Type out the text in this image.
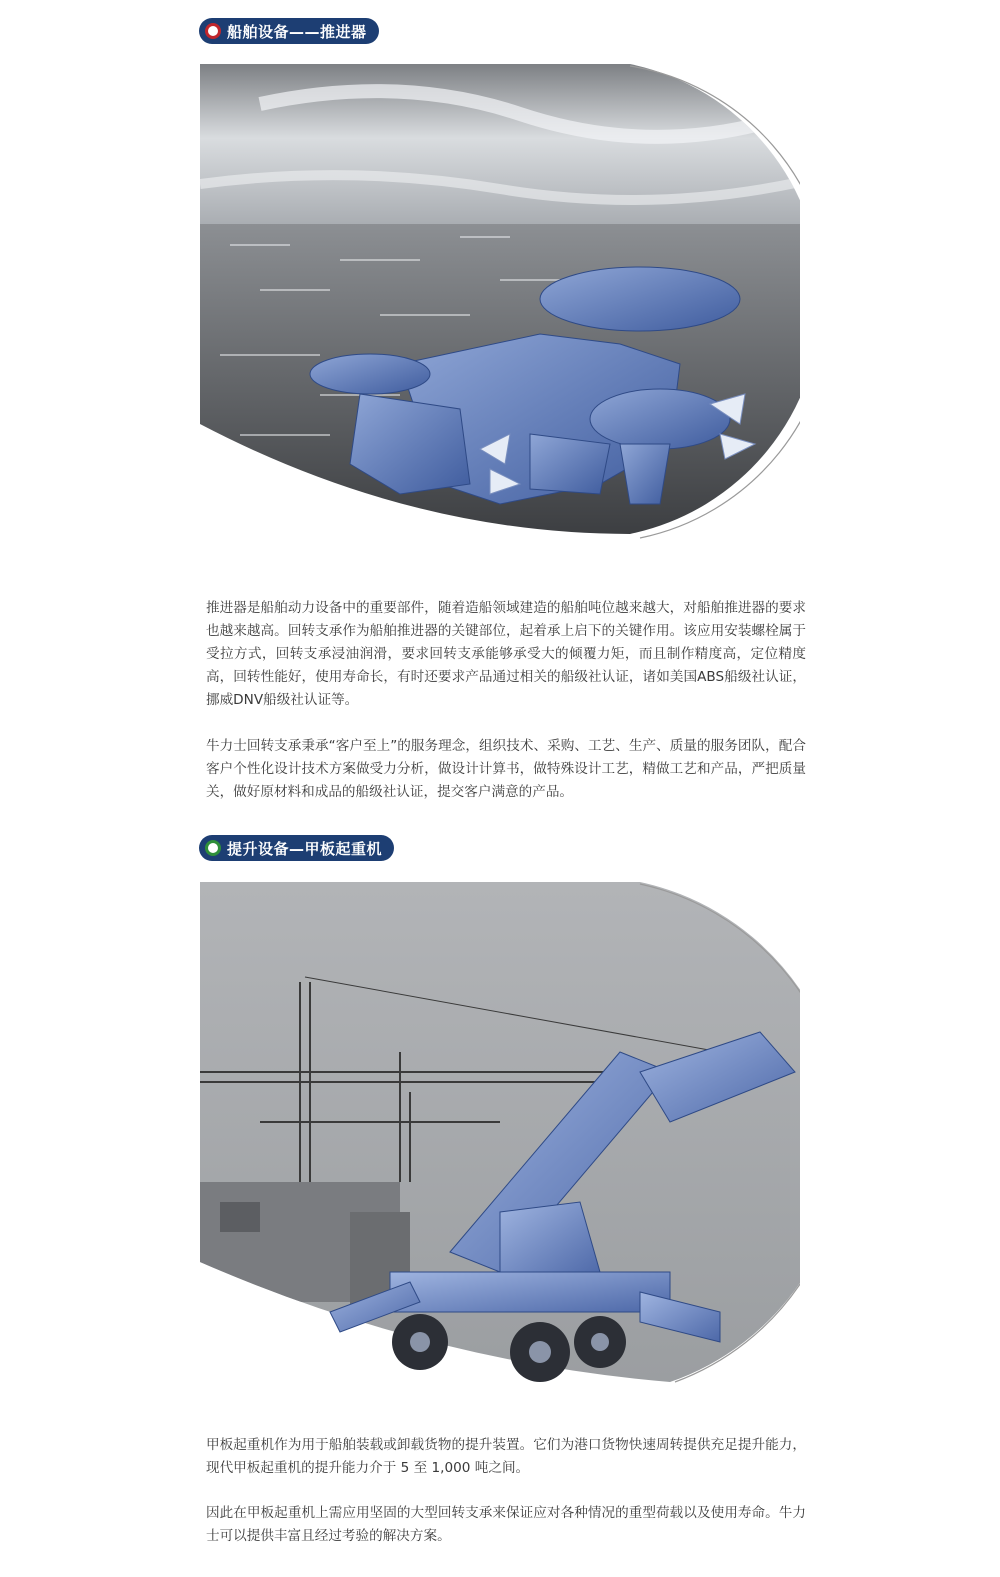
船舶设备——推进器

推进器是船舶动力设备中的重要部件，随着造船领域建造的船舶吨位越来越大，对船舶推进器的要求也越来越高。回转支承作为船舶推进器的关键部位，起着承上启下的关键作用。该应用安装螺栓属于受拉方式，回转支承浸油润滑，要求回转支承能够承受大的倾覆力矩，而且制作精度高，定位精度高，回转性能好，使用寿命长，有时还要求产品通过相关的船级社认证，诸如美国ABS船级社认证，挪威DNV船级社认证等。

牛力士回转支承秉承“客户至上”的服务理念，组织技术、采购、工艺、生产、质量的服务团队，配合客户个性化设计技术方案做受力分析，做设计计算书，做特殊设计工艺，精做工艺和产品，严把质量关，做好原材料和成品的船级社认证，提交客户满意的产品。

提升设备—甲板起重机

甲板起重机作为用于船舶装载或卸载货物的提升装置。它们为港口货物快速周转提供充足提升能力，现代甲板起重机的提升能力介于 5 至 1,000 吨之间。

因此在甲板起重机上需应用坚固的大型回转支承来保证应对各种情况的重型荷载以及使用寿命。牛力士可以提供丰富且经过考验的解决方案。
